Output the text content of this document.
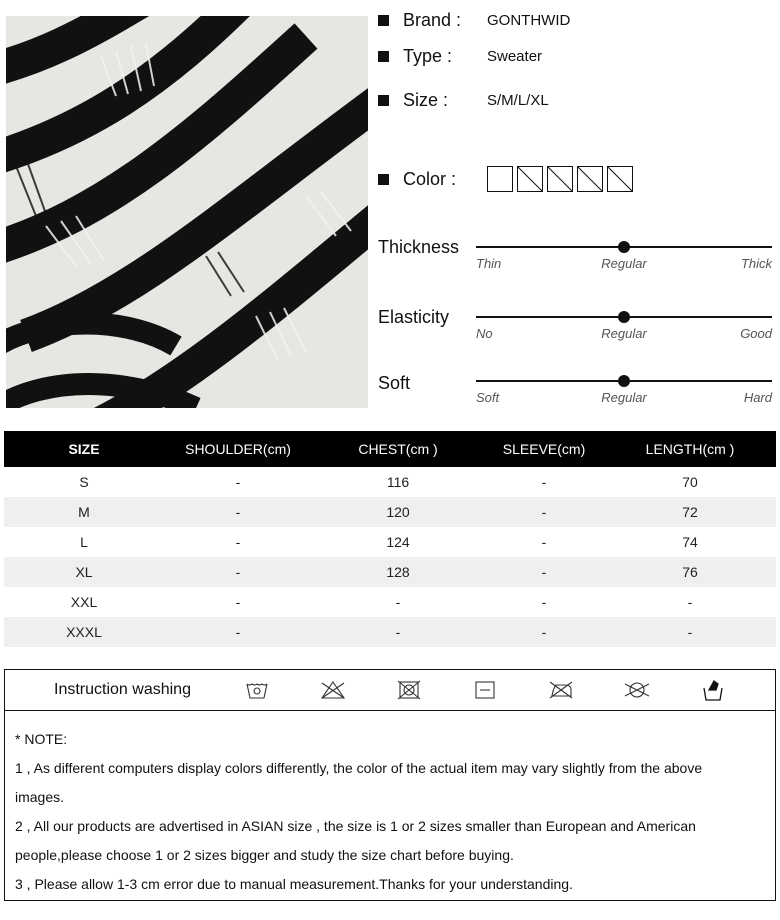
Brand :	GONTHWID
Type :	Sweater
Size :	S/M/L/XL
Color :
Thickness
Thin	Regular	Thick
Elasticity
No	Regular	Good
Soft
Soft	Regular	Hard
SIZE	SHOULDER(cm)	CHEST(cm )	SLEEVE(cm)	LENGTH(cm )
S	-	116	-	70
M	-	120	-	72
L	-	124	-	74
XL	-	128	-	76
XXL	-	-	-	-
XXXL	-	-	-	-
Instruction washing
* NOTE:
1 , As different computers display colors differently, the color of the actual item may vary slightly from the above
images.
2 , All our products are advertised in ASIAN size , the size is 1 or 2 sizes smaller than European and American
people,please choose 1 or 2 sizes bigger and study the size chart before buying.
3 , Please allow 1-3 cm error due to manual measurement.Thanks for your understanding.
